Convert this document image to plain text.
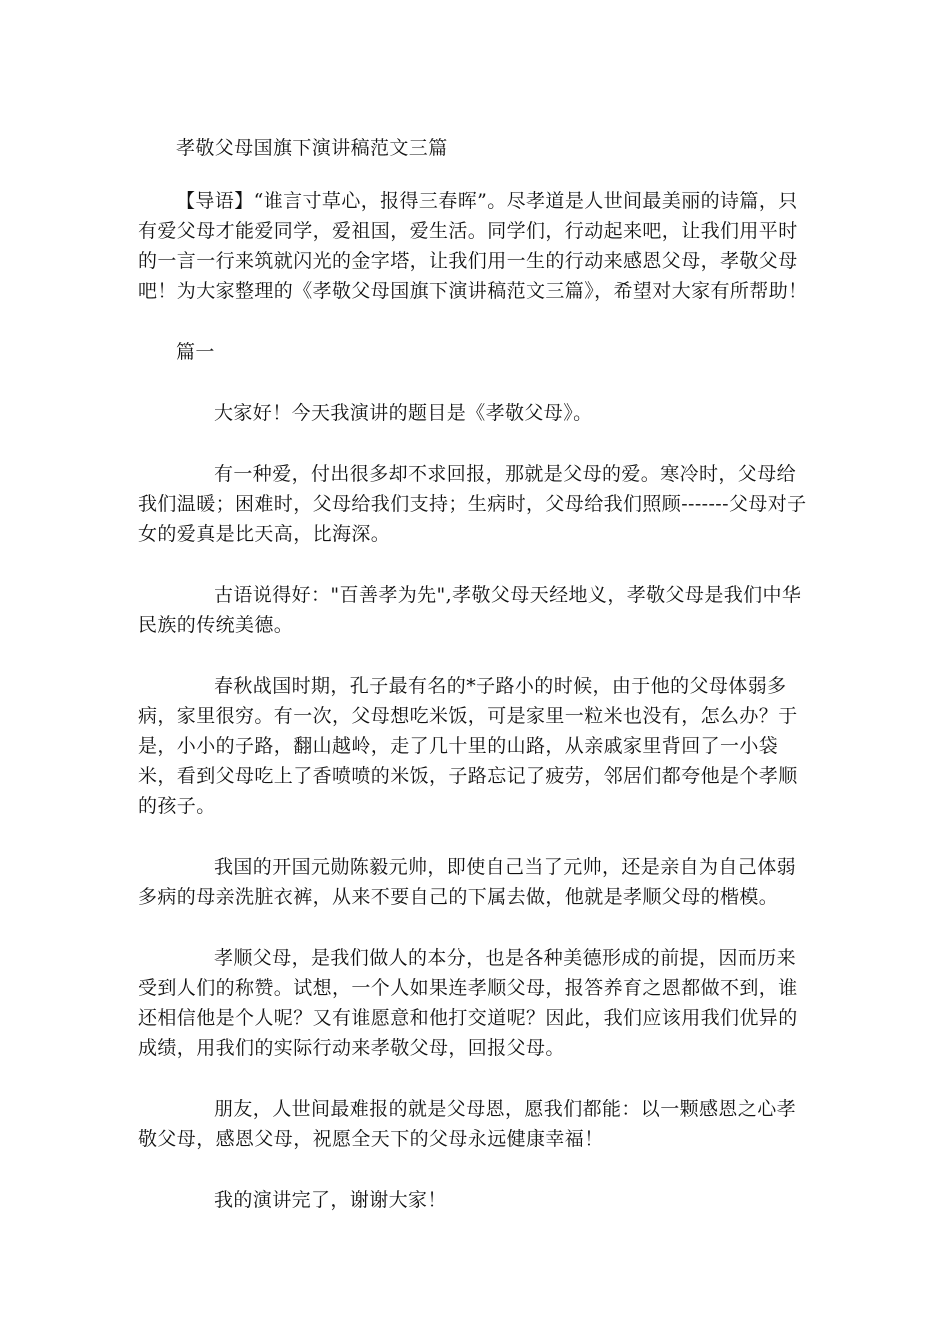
孝敬父母国旗下演讲稿范文三篇

【导语】“谁言寸草心，报得三春晖”。尽孝道是人世间最美丽的诗篇，只有爱父母才能爱同学，爱祖国，爱生活。同学们，行动起来吧，让我们用平时的一言一行来筑就闪光的金字塔，让我们用一生的行动来感恩父母，孝敬父母吧！为大家整理的《孝敬父母国旗下演讲稿范文三篇》，希望对大家有所帮助！

篇一

大家好！今天我演讲的题目是《孝敬父母》。

有一种爱，付出很多却不求回报，那就是父母的爱。寒冷时，父母给我们温暖；困难时，父母给我们支持；生病时，父母给我们照顾-------父母对子女的爱真是比天高，比海深。

古语说得好："百善孝为先",孝敬父母天经地义，孝敬父母是我们中华民族的传统美德。

春秋战国时期，孔子最有名的*子路小的时候，由于他的父母体弱多病，家里很穷。有一次，父母想吃米饭，可是家里一粒米也没有，怎么办？于是，小小的子路，翻山越岭，走了几十里的山路，从亲戚家里背回了一小袋米，看到父母吃上了香喷喷的米饭，子路忘记了疲劳，邻居们都夸他是个孝顺的孩子。

我国的开国元勋陈毅元帅，即使自己当了元帅，还是亲自为自己体弱多病的母亲洗脏衣裤，从来不要自己的下属去做，他就是孝顺父母的楷模。

孝顺父母，是我们做人的本分，也是各种美德形成的前提，因而历来受到人们的称赞。试想，一个人如果连孝顺父母，报答养育之恩都做不到，谁还相信他是个人呢？又有谁愿意和他打交道呢？因此，我们应该用我们优异的成绩，用我们的实际行动来孝敬父母，回报父母。

朋友，人世间最难报的就是父母恩，愿我们都能：以一颗感恩之心孝敬父母，感恩父母，祝愿全天下的父母永远健康幸福！

我的演讲完了，谢谢大家！
